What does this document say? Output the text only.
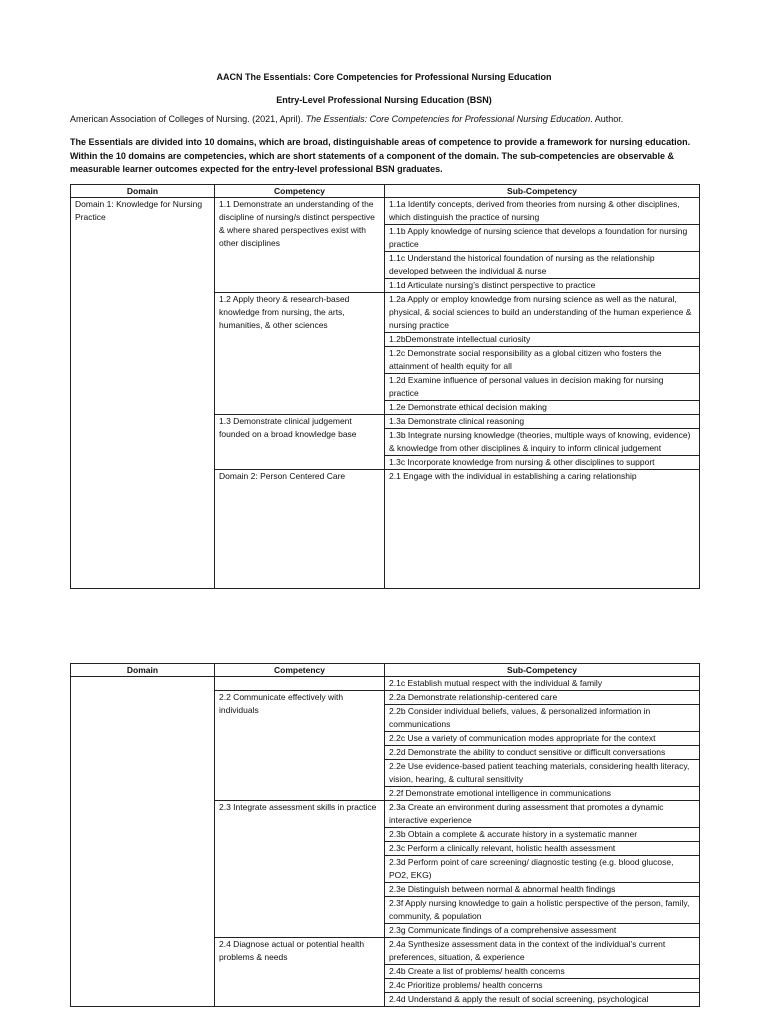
AACN The Essentials: Core Competencies for Professional Nursing Education
Entry-Level Professional Nursing Education (BSN)
American Association of Colleges of Nursing. (2021, April). The Essentials: Core Competencies for Professional Nursing Education. Author.
The Essentials are divided into 10 domains, which are broad, distinguishable areas of competence to provide a framework for nursing education. Within the 10 domains are competencies, which are short statements of a component of the domain. The sub-competencies are observable & measurable learner outcomes expected for the entry-level professional BSN graduates.
Domain	Competency	Sub-Competency	
Domain 1: Knowledge for Nursing Practice	1.1 Demonstrate an understanding of the discipline of nursing/s distinct perspective & where shared perspectives exist with other disciplines	1.1a Identify concepts, derived from theories from nursing & other disciplines, which distinguish the practice of nursing	
		1.1b Apply knowledge of nursing science that develops a foundation for nursing practice	
		1.1c Understand the historical foundation of nursing as the relationship developed between the individual & nurse	
		1.1d Articulate nursing’s distinct perspective to practice	
	1.2 Apply theory & research-based knowledge from nursing, the arts, humanities, & other sciences	1.2a Apply or employ knowledge from nursing science as well as the natural, physical, & social sciences to build an understanding of the human experience & nursing practice	
		1.2bDemonstrate intellectual curiosity	
		1.2c Demonstrate social responsibility as a global citizen who fosters the attainment of health equity for all	
		1.2d Examine influence of personal values in decision making for nursing practice	
		1.2e Demonstrate ethical decision making	
	1.3 Demonstrate clinical judgement founded on a broad knowledge base	1.3a Demonstrate clinical reasoning	
		1.3b Integrate nursing knowledge (theories, multiple ways of knowing, evidence) & knowledge from other disciplines & inquiry to inform clinical judgement	
		1.3c Incorporate knowledge from nursing & other disciplines to support	
	Domain 2: Person Centered Care	2.1 Engage with the individual in establishing a caring relationship	

Domain	Competency	Sub-Competency
		2.1c Establish mutual respect with the individual & family
	2.2 Communicate effectively with individuals	2.2a Demonstrate relationship-centered care
		2.2b Consider individual beliefs, values, & personalized information in communications
		2.2c Use a variety of communication modes appropriate for the context
		2.2d Demonstrate the ability to conduct sensitive or difficult conversations
		2.2e Use evidence-based patient teaching materials, considering health literacy, vision, hearing, & cultural sensitivity
		2.2f Demonstrate emotional intelligence in communications
	2.3 Integrate assessment skills in practice	2.3a Create an environment during assessment that promotes a dynamic interactive experience
		2.3b Obtain a complete & accurate history in a systematic manner
		2.3c Perform a clinically relevant, holistic health assessment
		2.3d Perform point of care screening/ diagnostic testing (e.g. blood glucose, PO2, EKG)
		2.3e Distinguish between normal & abnormal health findings
		2.3f Apply nursing knowledge to gain a holistic perspective of the person, family, community, & population
		2.3g Communicate findings of a comprehensive assessment
	2.4 Diagnose actual or potential health problems & needs	2.4a Synthesize assessment data in the context of the individual’s current preferences, situation, & experience
		2.4b Create a list of problems/ health concerns
		2.4c Prioritize problems/ health concerns
		2.4d Understand & apply the result of social screening, psychological
